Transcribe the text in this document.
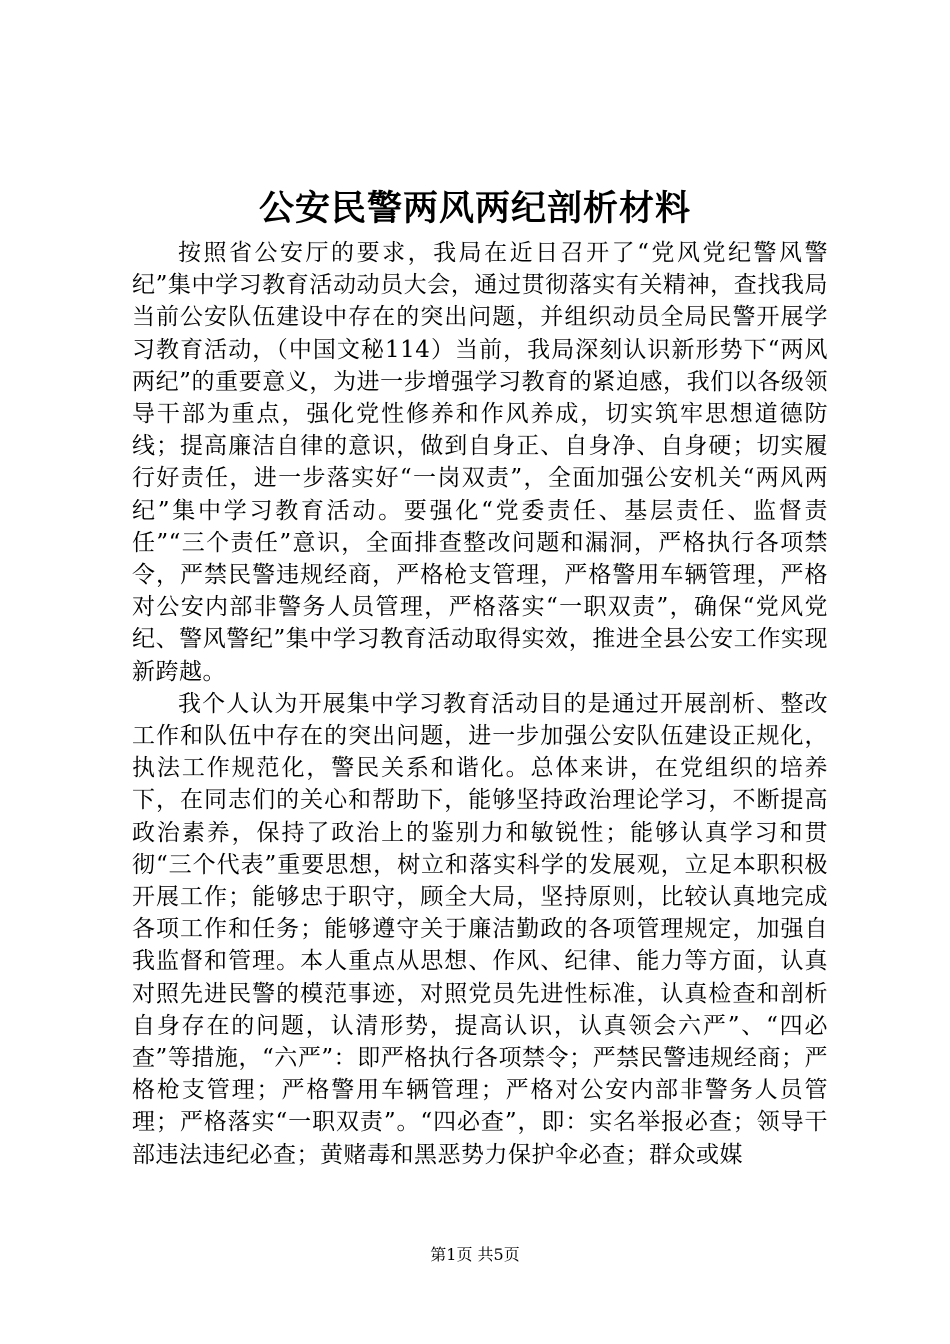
公安民警两风两纪剖析材料

按照省公安厅的要求，我局在近日召开了“党风党纪警风警纪”集中学习教育活动动员大会，通过贯彻落实有关精神，查找我局当前公安队伍建设中存在的突出问题，并组织动员全局民警开展学习教育活动，（中国文秘114）当前，我局深刻认识新形势下“两风两纪”的重要意义，为进一步增强学习教育的紧迫感，我们以各级领导干部为重点，强化党性修养和作风养成，切实筑牢思想道德防线；提高廉洁自律的意识，做到自身正、自身净、自身硬；切实履行好责任，进一步落实好“一岗双责”，全面加强公安机关“两风两纪”集中学习教育活动。要强化“党委责任、基层责任、监督责任”“三个责任”意识，全面排查整改问题和漏洞，严格执行各项禁令，严禁民警违规经商，严格枪支管理，严格警用车辆管理，严格对公安内部非警务人员管理，严格落实“一职双责”，确保“党风党纪、警风警纪”集中学习教育活动取得实效，推进全县公安工作实现新跨越。

我个人认为开展集中学习教育活动目的是通过开展剖析、整改工作和队伍中存在的突出问题，进一步加强公安队伍建设正规化，执法工作规范化，警民关系和谐化。总体来讲，在党组织的培养下，在同志们的关心和帮助下，能够坚持政治理论学习，不断提高政治素养，保持了政治上的鉴别力和敏锐性；能够认真学习和贯彻“三个代表”重要思想，树立和落实科学的发展观，立足本职积极开展工作；能够忠于职守，顾全大局，坚持原则，比较认真地完成各项工作和任务；能够遵守关于廉洁勤政的各项管理规定，加强自我监督和管理。本人重点从思想、作风、纪律、能力等方面，认真对照先进民警的模范事迹，对照党员先进性标准，认真检查和剖析自身存在的问题，认清形势，提高认识，认真领会六严”、“四必查”等措施，“六严”：即严格执行各项禁令；严禁民警违规经商；严格枪支管理；严格警用车辆管理；严格对公安内部非警务人员管理；严格落实“一职双责”。“四必查”，即：实名举报必查；领导干部违法违纪必查；黄赌毒和黑恶势力保护伞必查；群众或媒

第1页 共5页
